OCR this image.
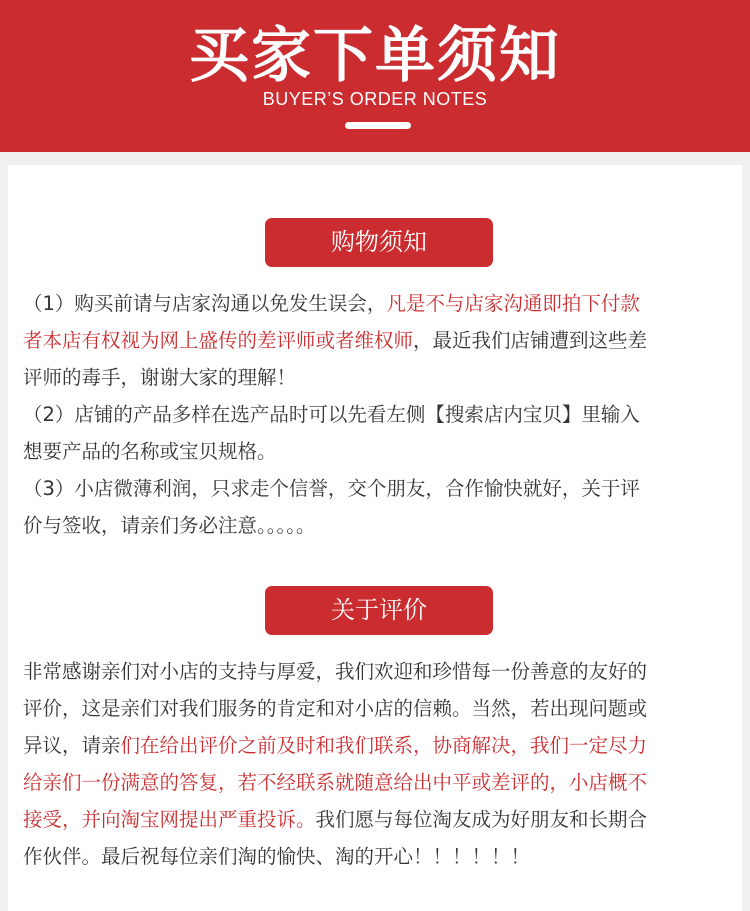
买家下单须知
BUYER’S ORDER NOTES
购物须知
（1）购买前请与店家沟通以免发生误会，凡是不与店家沟通即拍下付款
者本店有权视为网上盛传的差评师或者维权师，最近我们店铺遭到这些差
评师的毒手，谢谢大家的理解！
（2）店铺的产品多样在选产品时可以先看左侧【搜索店内宝贝】里输入
想要产品的名称或宝贝规格。
（3）小店微薄利润，只求走个信誉，交个朋友，合作愉快就好，关于评
价与签收，请亲们务必注意。。。。。
关于评价
非常感谢亲们对小店的支持与厚爱，我们欢迎和珍惜每一份善意的友好的
评价，这是亲们对我们服务的肯定和对小店的信赖。当然，若出现问题或
异议，请亲们在给出评价之前及时和我们联系，协商解决，我们一定尽力
给亲们一份满意的答复，若不经联系就随意给出中平或差评的，小店概不
接受，并向淘宝网提出严重投诉。我们愿与每位淘友成为好朋友和长期合
作伙伴。最后祝每位亲们淘的愉快、淘的开心！！！！！！
